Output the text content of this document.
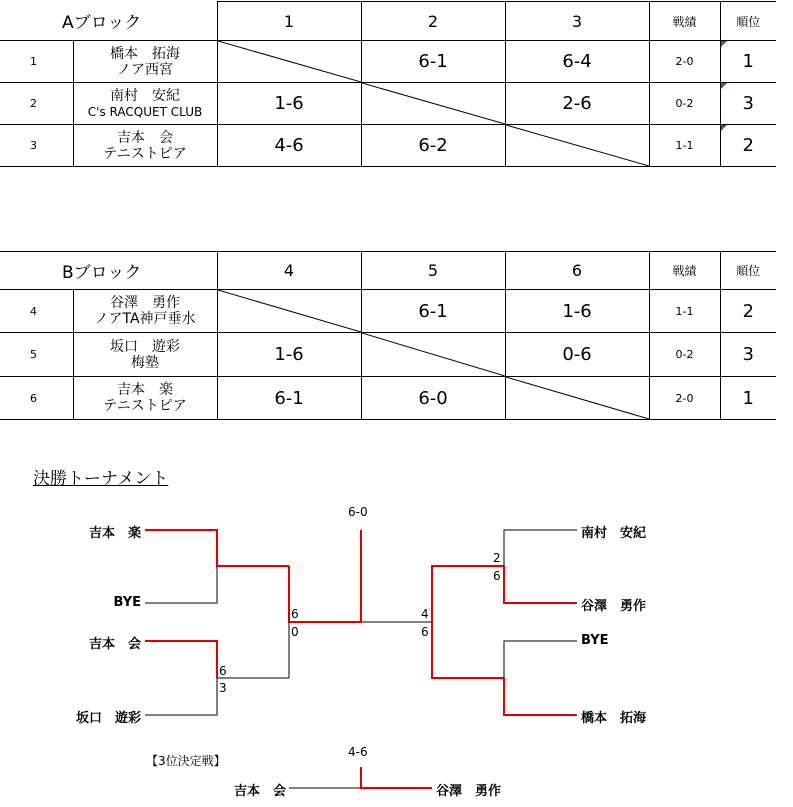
Aブロック		1	2	3	戦績	順位
1	橋本　拓海
ノア西宮		6-1	6-4	2-0	1
2	南村　安紀
C's RACQUET CLUB	1-6		2-6	0-2	3
3	吉本　会
テニストピア	4-6	6-2		1-1	2
Bブロック		4	5	6	戦績	順位
4	谷澤　勇作
ノアTA神戸垂水		6-1	1-6	1-1	2
5	坂口　遊彩
梅塾	1-6		0-6	0-2	3
6	吉本　楽
テニストピア	6-1	6-0		2-0	1
決勝トーナメント
吉本　楽
BYE
吉本　会
坂口　遊彩
南村　安紀
谷澤　勇作
BYE
橋本　拓海
6-0
6
0
6
3
4
6
2
6
【3位決定戦】
4-6
吉本　会	谷澤　勇作
